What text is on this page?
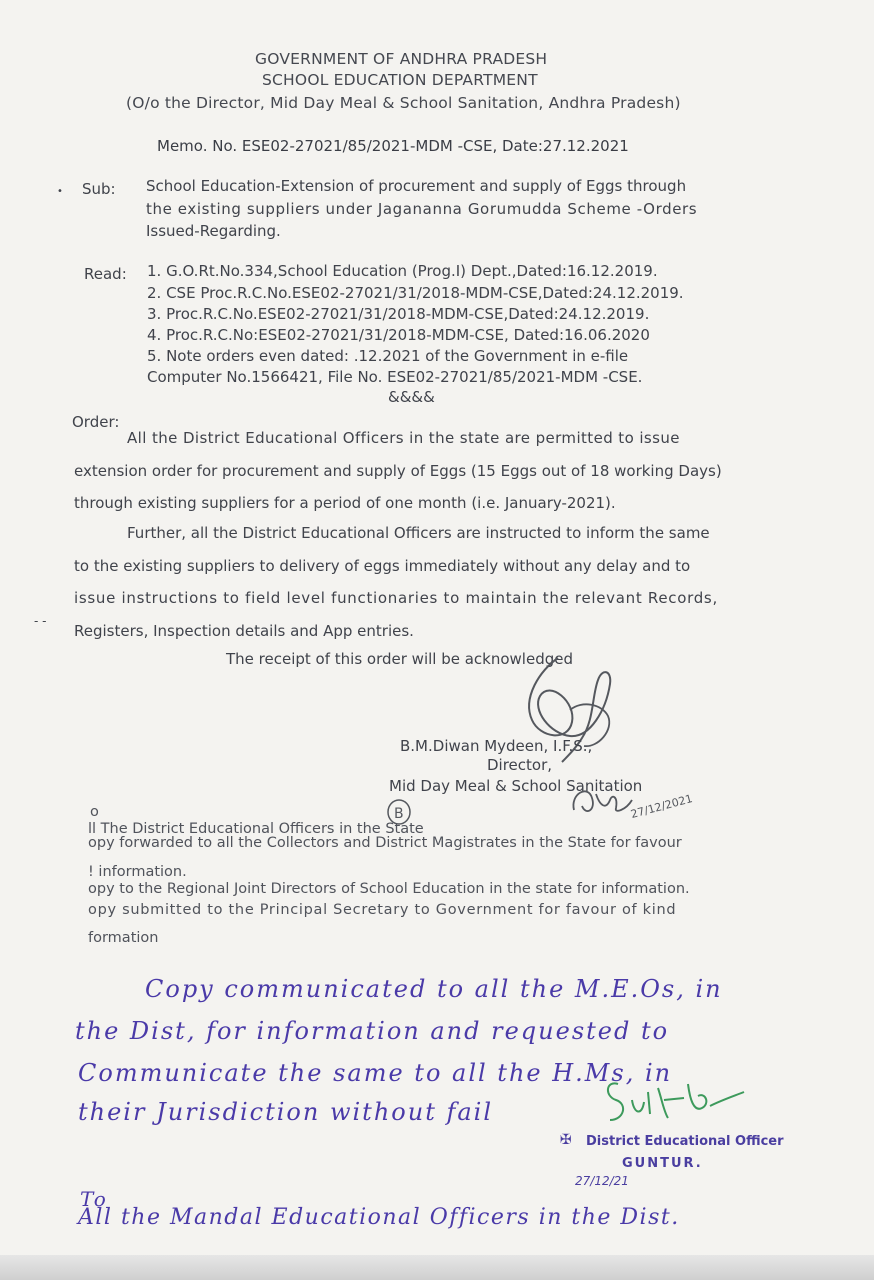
GOVERNMENT OF ANDHRA PRADESH
SCHOOL EDUCATION DEPARTMENT
(O/o the Director, Mid Day Meal & School Sanitation, Andhra Pradesh)
Memo. No. ESE02-27021/85/2021-MDM -CSE, Date:27.12.2021
• Sub: School Education-Extension of procurement and supply of Eggs through
the existing suppliers under Jagananna Gorumudda Scheme -Orders
Issued-Regarding.
Read: 1. G.O.Rt.No.334,School Education (Prog.I) Dept.,Dated:16.12.2019.
2. CSE Proc.R.C.No.ESE02-27021/31/2018-MDM-CSE,Dated:24.12.2019.
3. Proc.R.C.No.ESE02-27021/31/2018-MDM-CSE,Dated:24.12.2019.
4. Proc.R.C.No:ESE02-27021/31/2018-MDM-CSE, Dated:16.06.2020
5. Note orders even dated: .12.2021 of the Government in e-file
Computer No.1566421, File No. ESE02-27021/85/2021-MDM -CSE.
&&&&
Order:
All the District Educational Officers in the state are permitted to issue
extension order for procurement and supply of Eggs (15 Eggs out of 18 working Days)
through existing suppliers for a period of one month (i.e. January-2021).
Further, all the District Educational Officers are instructed to inform the same
to the existing suppliers to delivery of eggs immediately without any delay and to
issue instructions to field level functionaries to maintain the relevant Records,
- -
Registers, Inspection details and App entries.
The receipt of this order will be acknowledged
B.M.Diwan Mydeen, I.F.S.,
Director,
Mid Day Meal & School Sanitation
27/12/2021
B
o
ll The District Educational Officers in the State
opy forwarded to all the Collectors and District Magistrates in the State for favour
! information.
opy to the Regional Joint Directors of School Education in the state for information.
opy submitted to the Principal Secretary to Government for favour of kind
formation
Copy communicated to all the M.E.Os, in
the Dist, for information and requested to
Communicate the same to all the H.Ms, in
their Jurisdiction without fail
✠ District Educational Officer
GUNTUR.
27/12/21
To
All the Mandal Educational Officers in the Dist.
